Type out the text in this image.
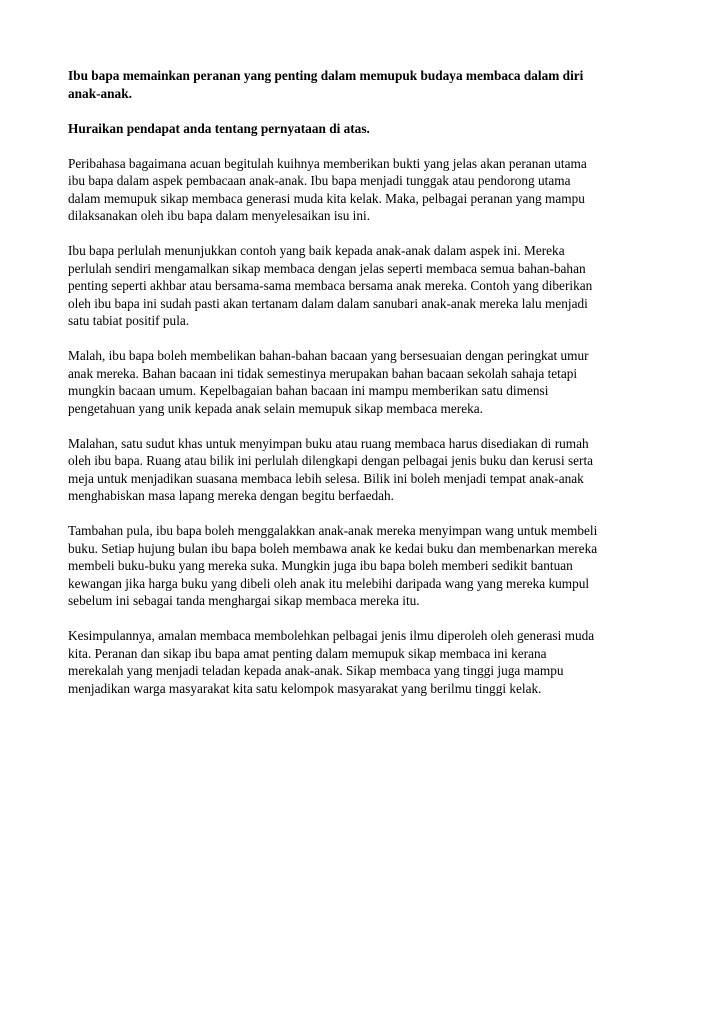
Ibu bapa memainkan peranan yang penting dalam memupuk budaya membaca dalam diri
anak-anak.
Huraikan pendapat anda tentang pernyataan di atas.
Peribahasa bagaimana acuan begitulah kuihnya memberikan bukti yang jelas akan peranan utama
ibu bapa dalam aspek pembacaan anak-anak. Ibu bapa menjadi tunggak atau pendorong utama
dalam memupuk sikap membaca generasi muda kita kelak. Maka, pelbagai peranan yang mampu
dilaksanakan oleh ibu bapa dalam menyelesaikan isu ini.
Ibu bapa perlulah menunjukkan contoh yang baik kepada anak-anak dalam aspek ini. Mereka
perlulah sendiri mengamalkan sikap membaca dengan jelas seperti membaca semua bahan-bahan
penting seperti akhbar atau bersama-sama membaca bersama anak mereka. Contoh yang diberikan
oleh ibu bapa ini sudah pasti akan tertanam dalam dalam sanubari anak-anak mereka lalu menjadi
satu tabiat positif pula.
Malah, ibu bapa boleh membelikan bahan-bahan bacaan yang bersesuaian dengan peringkat umur
anak mereka. Bahan bacaan ini tidak semestinya merupakan bahan bacaan sekolah sahaja tetapi
mungkin bacaan umum. Kepelbagaian bahan bacaan ini mampu memberikan satu dimensi
pengetahuan yang unik kepada anak selain memupuk sikap membaca mereka.
Malahan, satu sudut khas untuk menyimpan buku atau ruang membaca harus disediakan di rumah
oleh ibu bapa. Ruang atau bilik ini perlulah dilengkapi dengan pelbagai jenis buku dan kerusi serta
meja untuk menjadikan suasana membaca lebih selesa. Bilik ini boleh menjadi tempat anak-anak
menghabiskan masa lapang mereka dengan begitu berfaedah.
Tambahan pula, ibu bapa boleh menggalakkan anak-anak mereka menyimpan wang untuk membeli
buku. Setiap hujung bulan ibu bapa boleh membawa anak ke kedai buku dan membenarkan mereka
membeli buku-buku yang mereka suka. Mungkin juga ibu bapa boleh memberi sedikit bantuan
kewangan jika harga buku yang dibeli oleh anak itu melebihi daripada wang yang mereka kumpul
sebelum ini sebagai tanda menghargai sikap membaca mereka itu.
Kesimpulannya, amalan membaca membolehkan pelbagai jenis ilmu diperoleh oleh generasi muda
kita. Peranan dan sikap ibu bapa amat penting dalam memupuk sikap membaca ini kerana
merekalah yang menjadi teladan kepada anak-anak. Sikap membaca yang tinggi juga mampu
menjadikan warga masyarakat kita satu kelompok masyarakat yang berilmu tinggi kelak.
